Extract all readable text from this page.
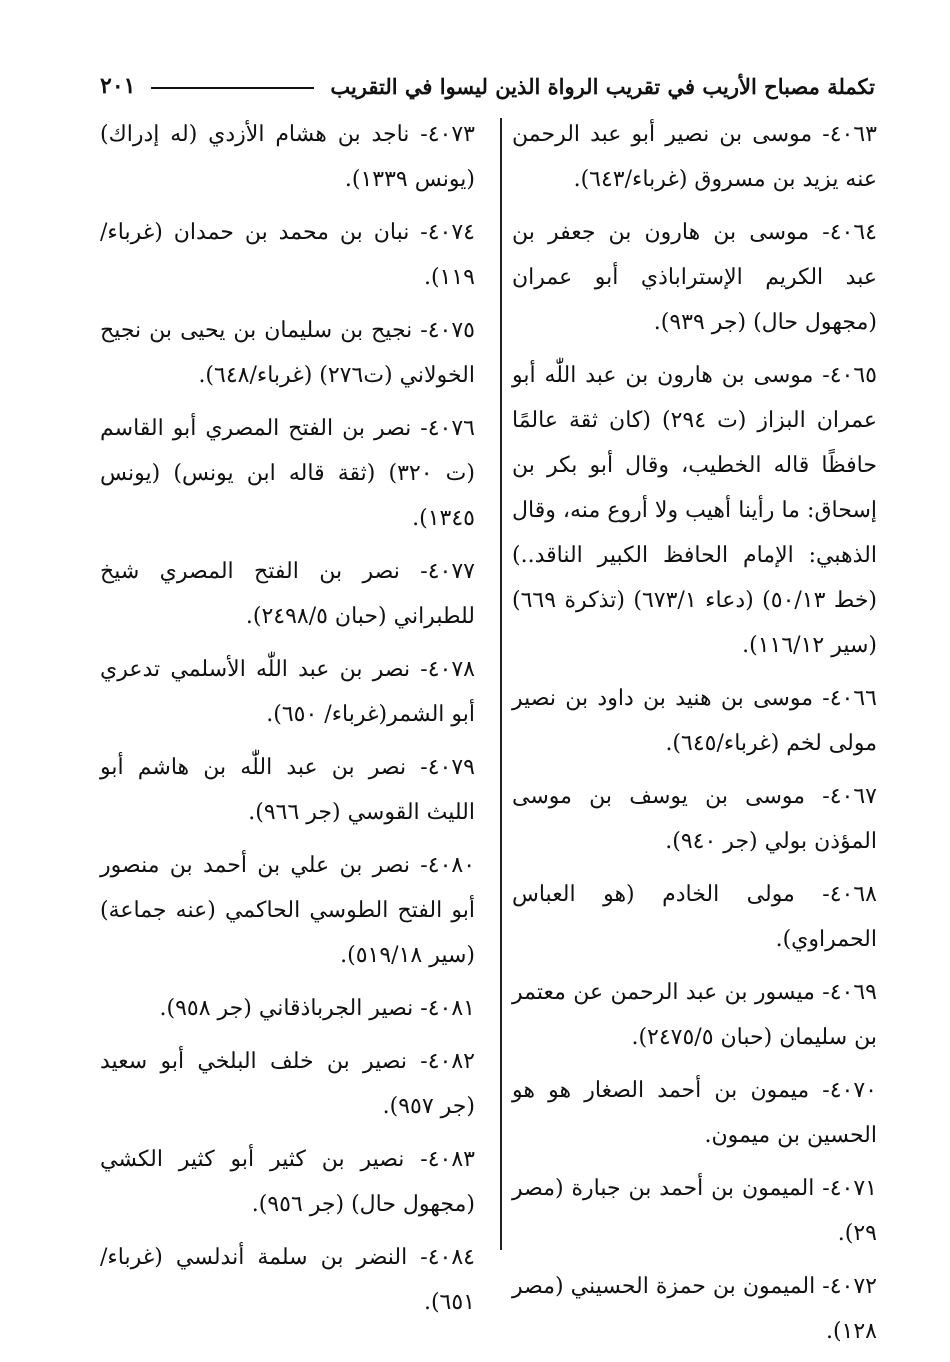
تكملة مصباح الأريب في تقريب الرواة الذين ليسوا في التقريب
٢٠١
٤٠٦٣- موسى بن نصير أبو عبد الرحمن عنه يزيد بن مسروق (غرباء/٦٤٣).
٤٠٦٤- موسى بن هارون بن جعفر بن عبد الكريم الإسترابا‌ذي أبو عمران (مجهول حال) (جر ٩٣٩).
٤٠٦٥- موسى بن هارون بن عبد اللّٰه أبو عمران البزاز (ت ٢٩٤) (كان ثقة عالمًا حافظًا قاله الخطيب، وقال أبو بكر بن إسحاق: ما رأينا أهيب ولا أروع منه، وقال الذهبي: الإمام الحافظ الكبير الناقد..) (خط ٥٠/١٣) (دعاء ٦٧٣/١) (تذكرة ٦٦٩) (سير ١١٦/١٢).
٤٠٦٦- موسى بن هنيد بن داود بن نصير مولى لخم (غرباء/٦٤٥).
٤٠٦٧- موسى بن يوسف بن موسى المؤذن بولي (جر ٩٤٠).
٤٠٦٨- مولى الخادم (هو العباس الحمراوي).
٤٠٦٩- ميسور بن عبد الرحمن عن معتمر بن سليمان (حبان ٢٤٧٥/٥).
٤٠٧٠- ميمون بن أحمد الصغار هو هو الحسين بن ميمون.
٤٠٧١- الميمون بن أحمد بن جبارة (مصر ٢٩).
٤٠٧٢- الميمون بن حمزة الحسيني (مصر ١٢٨).
٤٠٧٣- ناجد بن هشام الأزدي (له إدراك) (يونس ١٣٣٩).
٤٠٧٤- نبان بن محمد بن حمدان (غرباء/١١٩).
٤٠٧٥- نجيح بن سليمان بن يحيى بن نجيح الخولاني (ت٢٧٦) (غرباء/٦٤٨).
٤٠٧٦- نصر بن الفتح المصري أبو القاسم (ت ٣٢٠) (ثقة قاله ابن يونس) (يونس ١٣٤٥).
٤٠٧٧- نصر بن الفتح المصري شيخ للطبراني (حبان ٢٤٩٨/٥).
٤٠٧٨- نصر بن عبد اللّٰه الأسلمي تدعري أبو الشمر(غرباء/ ٦٥٠).
٤٠٧٩- نصر بن عبد اللّٰه بن هاشم أبو الليث القوسي (جر ٩٦٦).
٤٠٨٠- نصر بن علي بن أحمد بن منصور أبو الفتح الطوسي الحاكمي (عنه جماعة) (سير ٥١٩/١٨).
٤٠٨١- نصير الجرباذقاني (جر ٩٥٨).
٤٠٨٢- نصير بن خلف البلخي أبو سعيد (جر ٩٥٧).
٤٠٨٣- نصير بن كثير أبو كثير الكشي (مجهول حال) (جر ٩٥٦).
٤٠٨٤- النضر بن سلمة أندلسي (غرباء/ ٦٥١).
